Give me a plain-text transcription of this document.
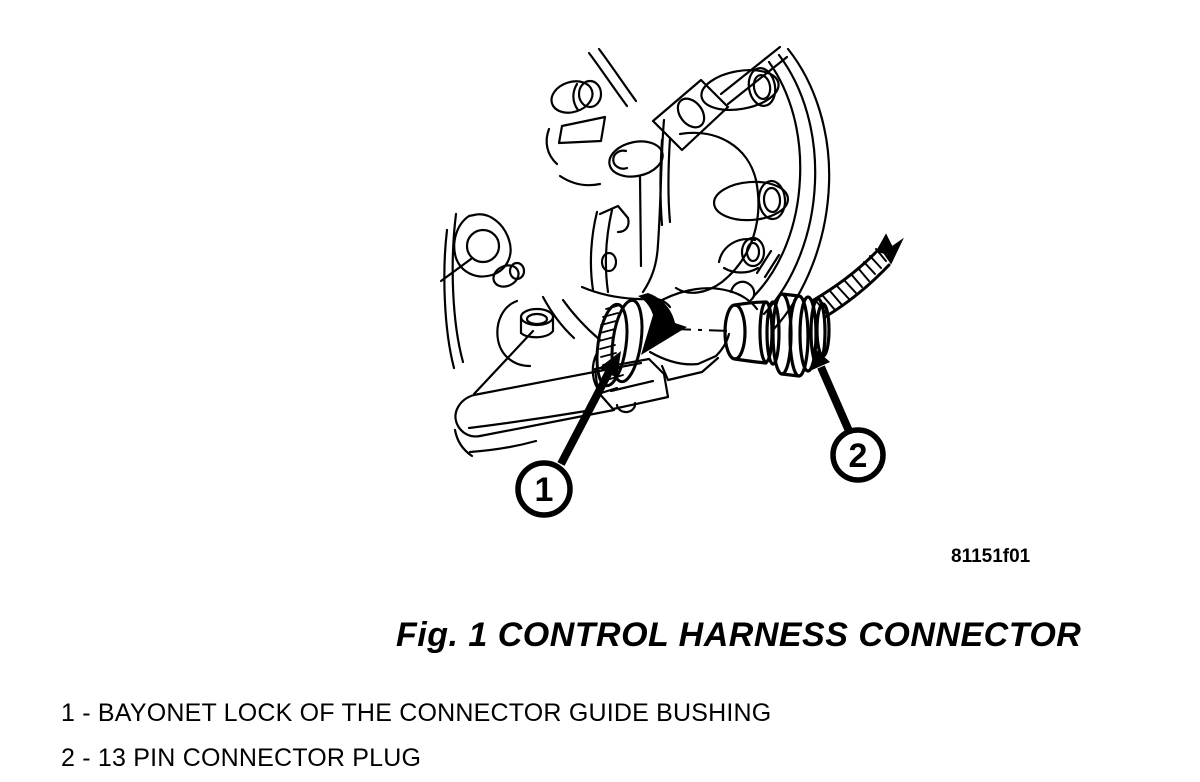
1
2
81151f01
Fig. 1 CONTROL HARNESS CONNECTOR
1 - BAYONET LOCK OF THE CONNECTOR GUIDE BUSHING
2 - 13 PIN CONNECTOR PLUG
